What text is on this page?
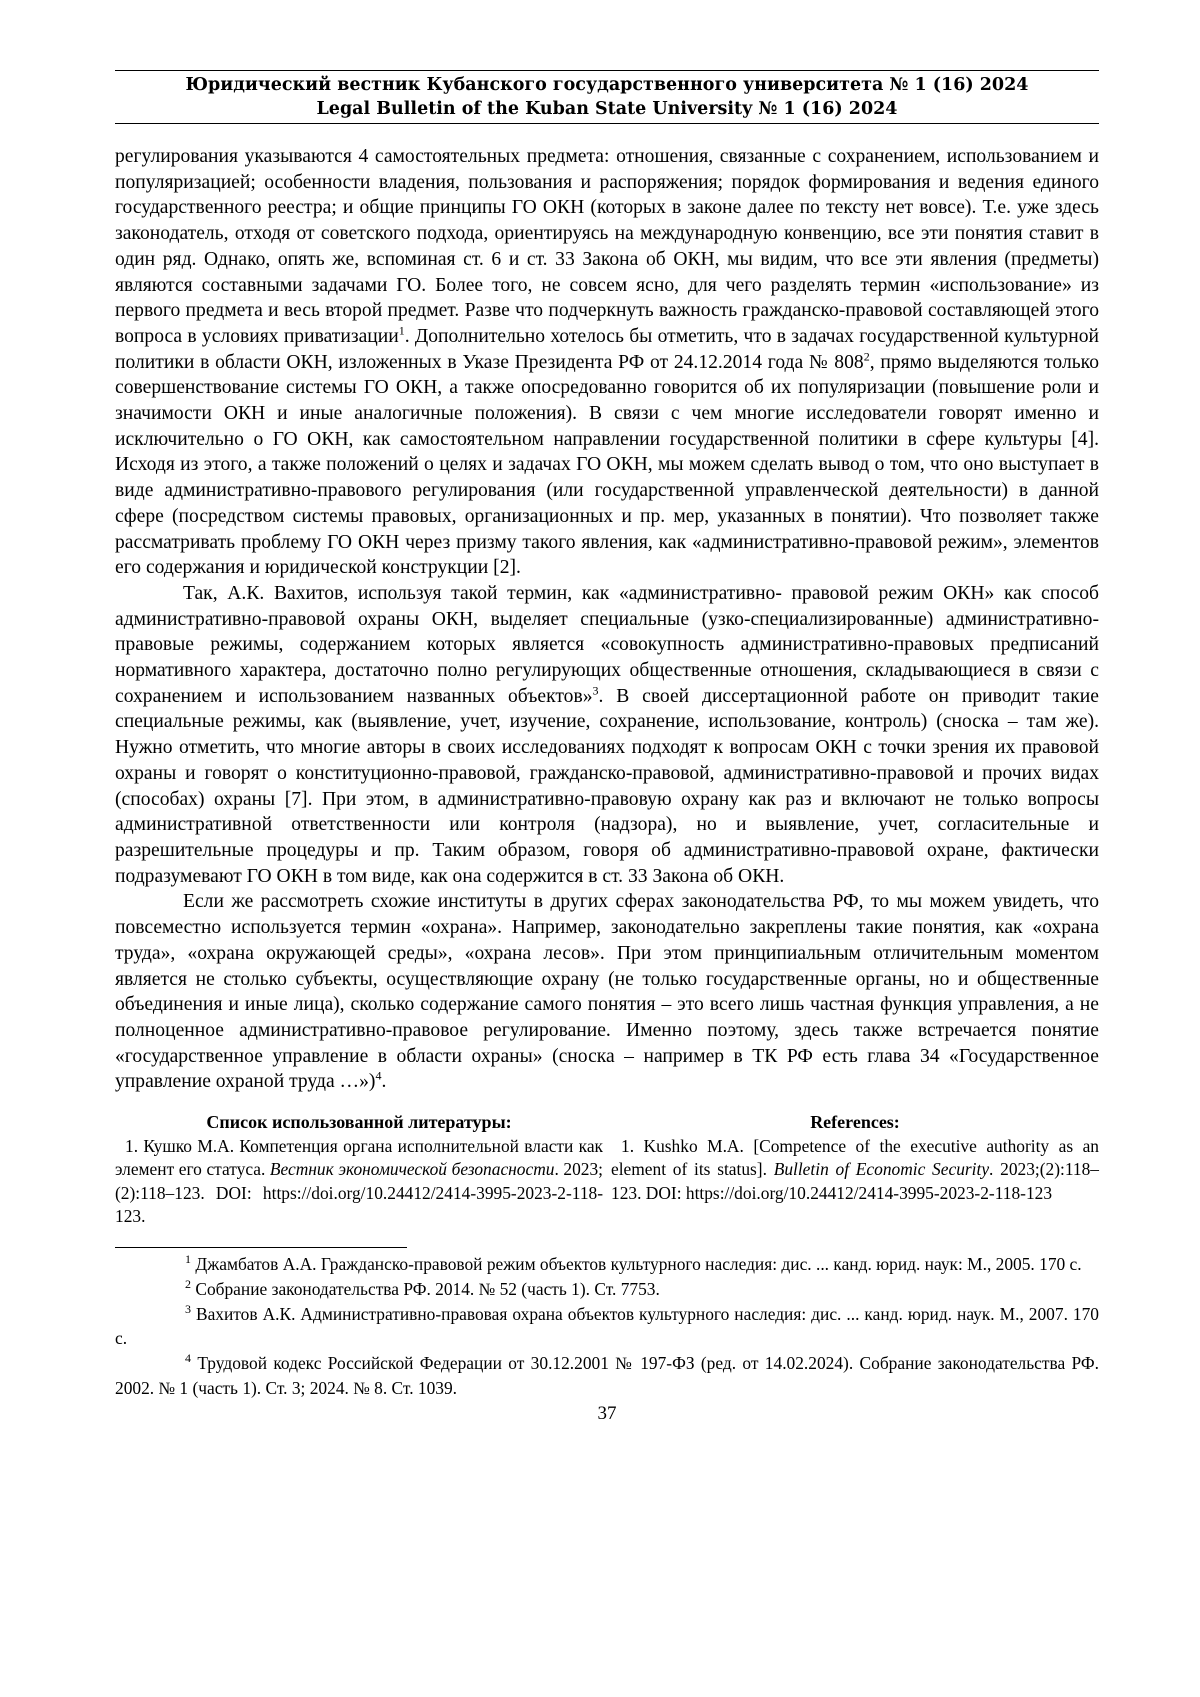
Юридический вестник Кубанского государственного университета № 1 (16) 2024
Legal Bulletin of the Kuban State University № 1 (16) 2024

регулирования указываются 4 самостоятельных предмета: отношения, связанные с сохранением, использованием и популяризацией; особенности владения, пользования и распоряжения; порядок формирования и ведения единого государственного реестра; и общие принципы ГО ОКН (которых в законе далее по тексту нет вовсе). Т.е. уже здесь законодатель, отходя от советского подхода, ориентируясь на международную конвенцию, все эти понятия ставит в один ряд. Однако, опять же, вспоминая ст. 6 и ст. 33 Закона об ОКН, мы видим, что все эти явления (предметы) являются составными задачами ГО. Более того, не совсем ясно, для чего разделять термин «использование» из первого предмета и весь второй предмет. Разве что подчеркнуть важность гражданско-правовой составляющей этого вопроса в условиях приватизации$^1$. Дополнительно хотелось бы отметить, что в задачах государственной культурной политики в области ОКН, изложенных в Указе Президента РФ от 24.12.2014 года № $808^2$, прямо выделяются только совершенствование системы ГО ОКН, а также опосредованно говорится об их популяризации (повышение роли и значимости ОКН и иные аналогичные положения). В связи с чем многие исследователи говорят именно и исключительно о ГО ОКН, как самостоятельном направлении государственной политики в сфере культуры [4]. Исходя из этого, а также положений о целях и задачах ГО ОКН, мы можем сделать вывод о том, что оно выступает в виде административно-правового регулирования (или государственной управленческой деятельности) в данной сфере (посредством системы правовых, организационных и пр. мер, указанных в понятии). Что позволяет также рассматривать проблему ГО ОКН через призму такого явления, как «административно-правовой режим», элементов его содержания и юридической конструкции [2].

Так, А.К. Вахитов, используя такой термин, как «административно- правовой режим ОКН» как способ административно-правовой охраны ОКН, выделяет специальные (узко-специализированные) административно-правовые режимы, содержанием которых является «совокупность административно-правовых предписаний нормативного характера, достаточно полно регулирующих общественные отношения, складывающиеся в связи с сохранением и использованием названных объектов»$^3$. В своей диссертационной работе он приводит такие специальные режимы, как (выявление, учет, изучение, сохранение, использование, контроль) (сноска – там же). Нужно отметить, что многие авторы в своих исследованиях подходят к вопросам ОКН с точки зрения их правовой охраны и говорят о конституционно-правовой, гражданско-правовой, административно-правовой и прочих видах (способах) охраны [7]. При этом, в административно-правовую охрану как раз и включают не только вопросы административной ответственности или контроля (надзора), но и выявление, учет, согласительные и разрешительные процедуры и пр. Таким образом, говоря об административно-правовой охране, фактически подразумевают ГО ОКН в том виде, как она содержится в ст. 33 Закона об ОКН.

Если же рассмотреть схожие институты в других сферах законодательства РФ, то мы можем увидеть, что повсеместно используется термин «охрана». Например, законодательно закреплены такие понятия, как «охрана труда», «охрана окружающей среды», «охрана лесов». При этом принципиальным отличительным моментом является не столько субъекты, осуществляющие охрану (не только государственные органы, но и общественные объединения и иные лица), сколько содержание самого понятия – это всего лишь частная функция управления, а не полноценное административно-правовое регулирование. Именно поэтому, здесь также встречается понятие «государственное управление в области охраны» (сноска – например в ТК РФ есть глава 34 «Государственное управление охраной труда …»)$^4$.

Список использованной литературы:
1. Кушко М.А. Компетенция органа исполнительной власти как элемент его статуса. Вестник экономической безопасности. 2023;(2):118–123. DOI: https://doi.org/10.24412/2414-3995-2023-2-118-123.
References:
1. Kushko M.A. [Competence of the executive authority as an element of its status]. Bulletin of Economic Security. 2023;(2):118–123. DOI: https://doi.org/10.24412/2414-3995-2023-2-118-123

$^1$ Джамбатов А.А. Гражданско-правовой режим объектов культурного наследия: дис. ... канд. юрид. наук: М., 2005. 170 с.

$^2$ Собрание законодательства РФ. 2014. № 52 (часть 1). Ст. 7753.

$^3$ Вахитов А.К. Административно-правовая охрана объектов культурного наследия: дис. ... канд. юрид. наук. М., 2007. 170 с.

$^4$ Трудовой кодекс Российской Федерации от 30.12.2001 № 197-ФЗ (ред. от 14.02.2024). Собрание законодательства РФ. 2002. № 1 (часть 1). Ст. 3; 2024. № 8. Ст. 1039.

37
